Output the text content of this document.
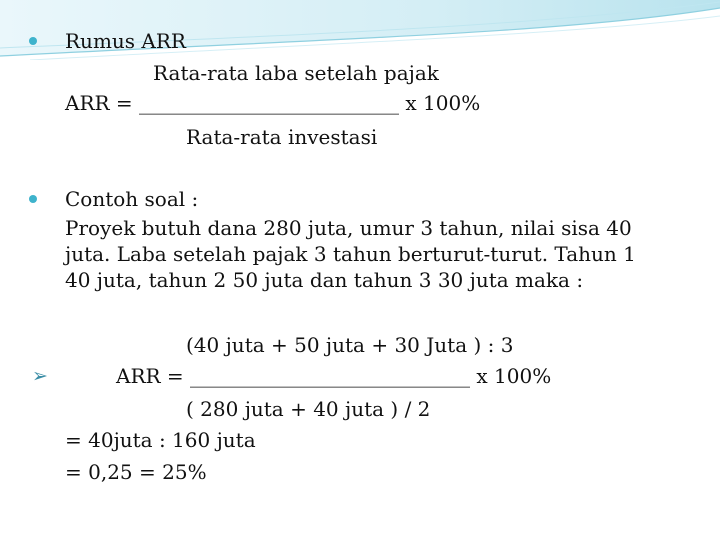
Rumus ARR
Rata-rata laba setelah pajak
ARR = __________________________ x 100%
Rata-rata investasi
Contoh soal :
Proyek butuh dana 280 juta, umur 3 tahun, nilai sisa 40 juta. Laba setelah pajak 3 tahun berturut-turut. Tahun 1 40 juta, tahun 2 50 juta dan tahun 3 30 juta maka :
(40 juta + 50 juta + 30 Juta ) : 3
➢	ARR = ____________________________ x 100%
( 280 juta + 40 juta ) / 2
= 40juta : 160 juta
= 0,25 = 25%
